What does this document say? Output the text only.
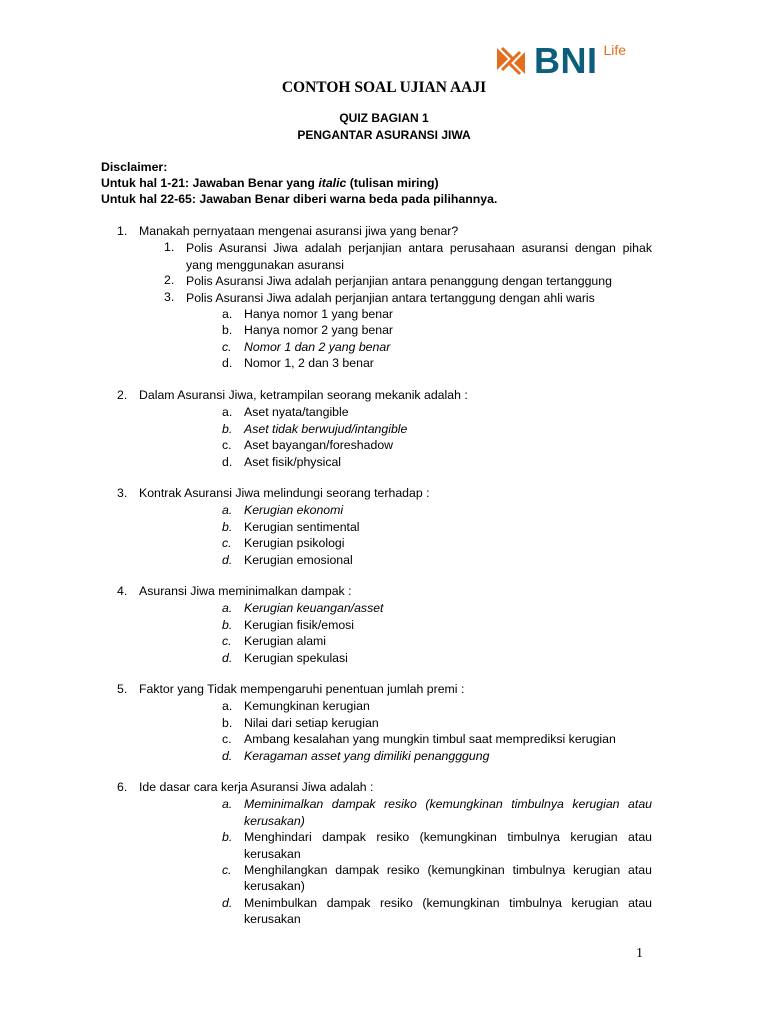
BNI Life
CONTOH SOAL UJIAN AAJI
QUIZ BAGIAN 1
PENGANTAR ASURANSI JIWA
Disclaimer:
Untuk hal 1-21: Jawaban Benar yang italic (tulisan miring)
Untuk hal 22-65: Jawaban Benar diberi warna beda pada pilihannya.
1. Manakah pernyataan mengenai asuransi jiwa yang benar?
1. Polis Asuransi Jiwa adalah perjanjian antara perusahaan asuransi dengan pihak yang menggunakan asuransi
2. Polis Asuransi Jiwa adalah perjanjian antara penanggung dengan tertanggung
3. Polis Asuransi Jiwa adalah perjanjian antara tertanggung dengan ahli waris
a. Hanya nomor 1 yang benar
b. Hanya nomor 2 yang benar
c. Nomor 1 dan 2 yang benar
d. Nomor 1, 2 dan 3 benar
2. Dalam Asuransi Jiwa, ketrampilan seorang mekanik adalah :
a. Aset nyata/tangible
b. Aset tidak berwujud/intangible
c. Aset bayangan/foreshadow
d. Aset fisik/physical
3. Kontrak Asuransi Jiwa melindungi seorang terhadap :
a. Kerugian ekonomi
b. Kerugian sentimental
c. Kerugian psikologi
d. Kerugian emosional
4. Asuransi Jiwa meminimalkan dampak :
a. Kerugian keuangan/asset
b. Kerugian fisik/emosi
c. Kerugian alami
d. Kerugian spekulasi
5. Faktor yang Tidak mempengaruhi penentuan jumlah premi :
a. Kemungkinan kerugian
b. Nilai dari setiap kerugian
c. Ambang kesalahan yang mungkin timbul saat memprediksi kerugian
d. Keragaman asset yang dimiliki penangggung
6. Ide dasar cara kerja Asuransi Jiwa adalah :
a. Meminimalkan dampak resiko (kemungkinan timbulnya kerugian atau kerusakan)
b. Menghindari dampak resiko (kemungkinan timbulnya kerugian atau kerusakan
c. Menghilangkan dampak resiko (kemungkinan timbulnya kerugian atau kerusakan)
d. Menimbulkan dampak resiko (kemungkinan timbulnya kerugian atau kerusakan
1
